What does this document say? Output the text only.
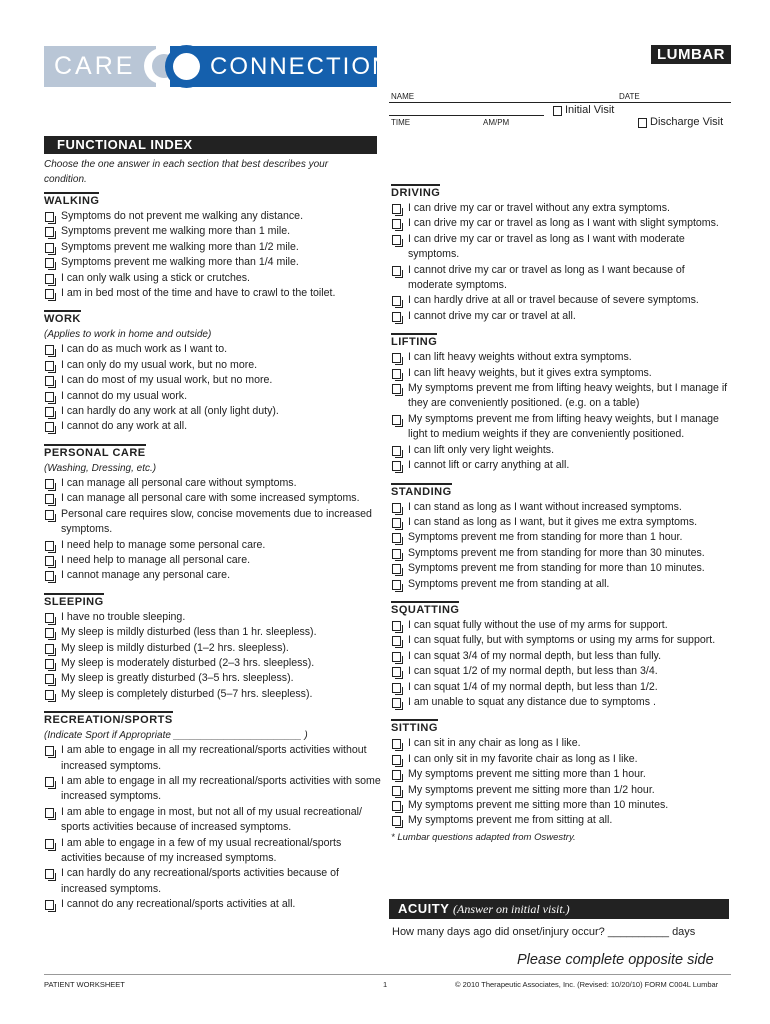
CARE	CONNECTIONS	LUMBAR
NAME	DATE
TIME	AM/PM
Initial Visit
Discharge Visit
FUNCTIONAL INDEX
Choose the one answer in each section that best describes your condition.
WALKING
Symptoms do not prevent me walking any distance.
Symptoms prevent me walking more than 1 mile.
Symptoms prevent me walking more than 1/2 mile.
Symptoms prevent me walking more than 1/4 mile.
I can only walk using a stick or crutches.
I am in bed most of the time and have to crawl to the toilet.
WORK
(Applies to work in home and outside)
I can do as much work as I want to.
I can only do my usual work, but no more.
I can do most of my usual work, but no more.
I cannot do my usual work.
I can hardly do any work at all (only light duty).
I cannot do any work at all.
PERSONAL CARE
(Washing, Dressing, etc.)
I can manage all personal care without symptoms.
I can manage all personal care with some increased symptoms.
Personal care requires slow, concise movements due to increased symptoms.
I need help to manage some personal care.
I need help to manage all personal care.
I cannot manage any personal care.
SLEEPING
I have no trouble sleeping.
My sleep is mildly disturbed (less than 1 hr. sleepless).
My sleep is mildly disturbed (1–2 hrs. sleepless).
My sleep is moderately disturbed (2–3 hrs. sleepless).
My sleep is greatly disturbed (3–5 hrs. sleepless).
My sleep is completely disturbed (5–7 hrs. sleepless).
RECREATION/SPORTS
(Indicate Sport if Appropriate _______________________ )
I am able to engage in all my recreational/sports activities without increased symptoms.
I am able to engage in all my recreational/sports activities with some increased symptoms.
I am able to engage in most, but not all of my usual recreational/ sports activities because of increased symptoms.
I am able to engage in a few of my usual recreational/sports activities because of my increased symptoms.
I can hardly do any recreational/sports activities because of increased symptoms.
I cannot do any recreational/sports activities at all.
DRIVING
I can drive my car or travel without any extra symptoms.
I can drive my car or travel as long as I want with slight symptoms.
I can drive my car or travel as long as I want with moderate symptoms.
I cannot drive my car or travel as long as I want because of moderate symptoms.
I can hardly drive at all or travel because of severe symptoms.
I cannot drive my car or travel at all.
LIFTING
I can lift heavy weights without extra symptoms.
I can lift heavy weights, but it gives extra symptoms.
My symptoms prevent me from lifting heavy weights, but I manage if they are conveniently positioned. (e.g. on a table)
My symptoms prevent me from lifting heavy weights, but I manage light to medium weights if they are conveniently positioned.
I can lift only very light weights.
I cannot lift or carry anything at all.
STANDING
I can stand as long as I want without increased symptoms.
I can stand as long as I want, but it gives me extra symptoms.
Symptoms prevent me from standing for more than 1 hour.
Symptoms prevent me from standing for more than 30 minutes.
Symptoms prevent me from standing for more than 10 minutes.
Symptoms prevent me from standing at all.
SQUATTING
I can squat fully without the use of my arms for support.
I can squat fully, but with symptoms or using my arms for support.
I can squat 3/4 of my normal depth, but less than fully.
I can squat 1/2 of my normal depth, but less than 3/4.
I can squat 1/4 of my normal depth, but less than 1/2.
I am unable to squat any distance due to symptoms .
SITTING
I can sit in any chair as long as I like.
I can only sit in my favorite chair as long as I like.
My symptoms prevent me sitting more than 1 hour.
My symptoms prevent me sitting more than 1/2 hour.
My symptoms prevent me sitting more than 10 minutes.
My symptoms prevent me from sitting at all.
* Lumbar questions adapted from Oswestry.
ACUITY (Answer on initial visit.)
How many days ago did onset/injury occur? __________ days
Please complete opposite side
PATIENT WORKSHEET	1	© 2010 Therapeutic Associates, Inc. (Revised: 10/20/10) FORM C004L Lumbar
